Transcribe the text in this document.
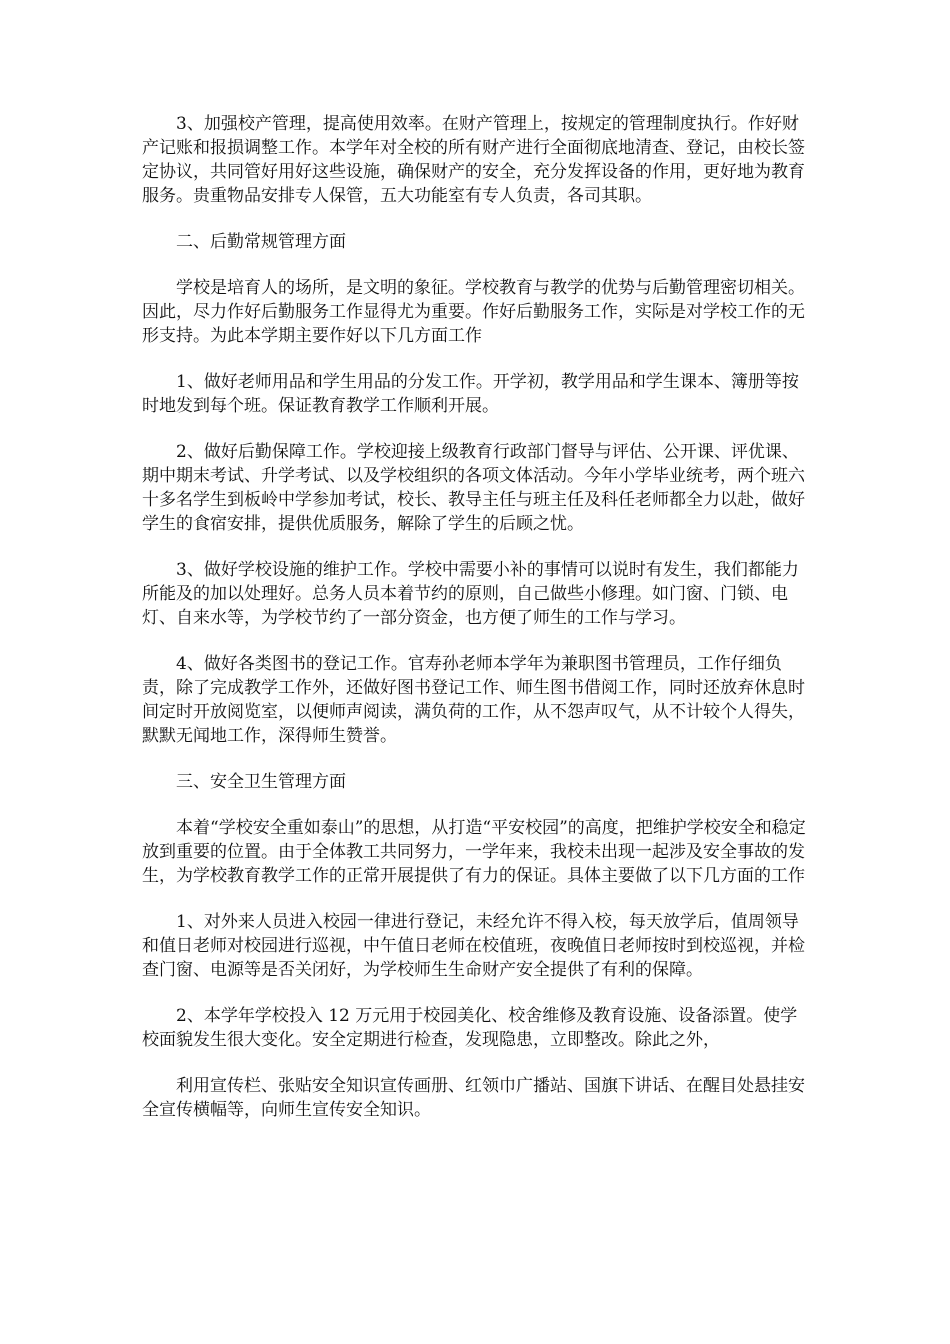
3、加强校产管理，提高使用效率。在财产管理上，按规定的管理制度执行。作好财产记账和报损调整工作。本学年对全校的所有财产进行全面彻底地清查、登记，由校长签定协议，共同管好用好这些设施，确保财产的安全，充分发挥设备的作用，更好地为教育服务。贵重物品安排专人保管，五大功能室有专人负责，各司其职。

二、后勤常规管理方面

学校是培育人的场所，是文明的象征。学校教育与教学的优势与后勤管理密切相关。因此，尽力作好后勤服务工作显得尤为重要。作好后勤服务工作，实际是对学校工作的无形支持。为此本学期主要作好以下几方面工作

1、做好老师用品和学生用品的分发工作。开学初，教学用品和学生课本、簿册等按时地发到每个班。保证教育教学工作顺利开展。

2、做好后勤保障工作。学校迎接上级教育行政部门督导与评估、公开课、评优课、期中期末考试、升学考试、以及学校组织的各项文体活动。今年小学毕业统考，两个班六十多名学生到板岭中学参加考试，校长、教导主任与班主任及科任老师都全力以赴，做好学生的食宿安排，提供优质服务，解除了学生的后顾之忧。

3、做好学校设施的维护工作。学校中需要小补的事情可以说时有发生，我们都能力所能及的加以处理好。总务人员本着节约的原则，自己做些小修理。如门窗、门锁、电灯、自来水等，为学校节约了一部分资金，也方便了师生的工作与学习。

4、做好各类图书的登记工作。官寿孙老师本学年为兼职图书管理员，工作仔细负责，除了完成教学工作外，还做好图书登记工作、师生图书借阅工作，同时还放弃休息时间定时开放阅览室，以便师声阅读，满负荷的工作，从不怨声叹气，从不计较个人得失，默默无闻地工作，深得师生赞誉。

三、安全卫生管理方面

本着“学校安全重如泰山”的思想，从打造“平安校园”的高度，把维护学校安全和稳定放到重要的位置。由于全体教工共同努力，一学年来，我校未出现一起涉及安全事故的发生，为学校教育教学工作的正常开展提供了有力的保证。具体主要做了以下几方面的工作

1、对外来人员进入校园一律进行登记，未经允许不得入校，每天放学后，值周领导和值日老师对校园进行巡视，中午值日老师在校值班，夜晚值日老师按时到校巡视，并检查门窗、电源等是否关闭好，为学校师生生命财产安全提供了有利的保障。

2、本学年学校投入 12 万元用于校园美化、校舍维修及教育设施、设备添置。使学校面貌发生很大变化。安全定期进行检查，发现隐患，立即整改。除此之外，

利用宣传栏、张贴安全知识宣传画册、红领巾广播站、国旗下讲话、在醒目处悬挂安全宣传横幅等，向师生宣传安全知识。
